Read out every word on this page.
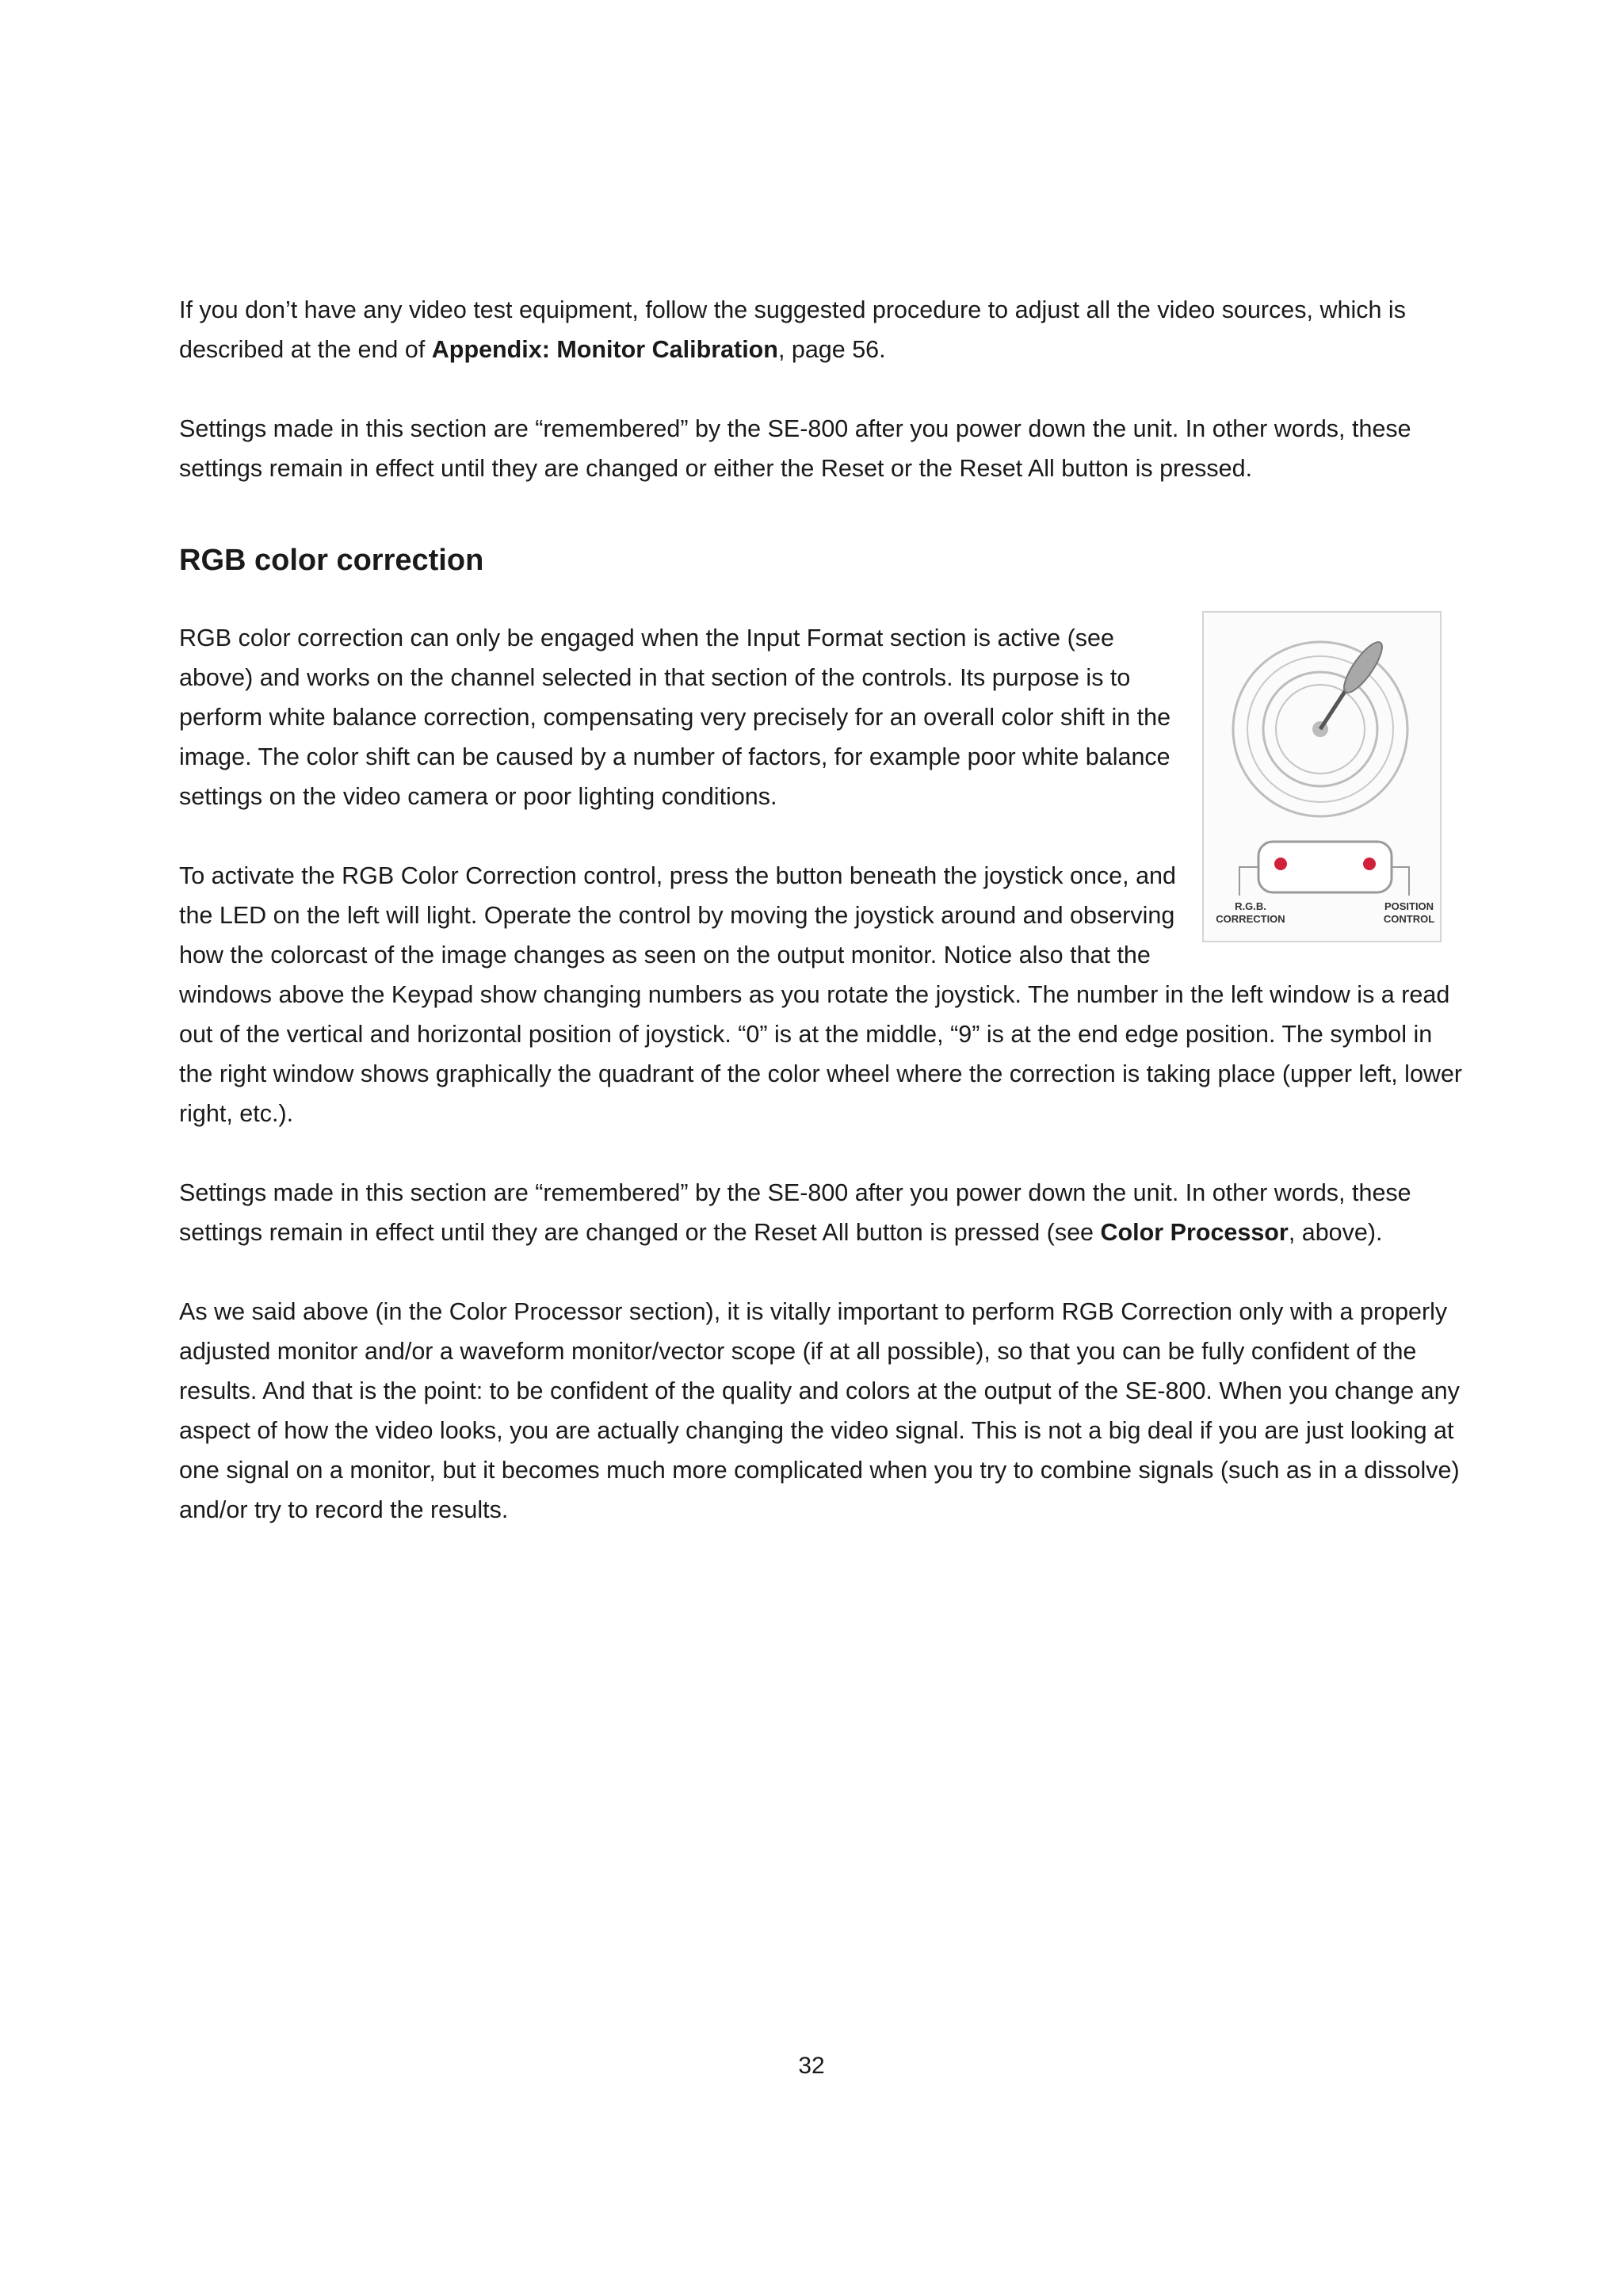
If you don’t have any video test equipment, follow the suggested procedure to adjust all the video sources, which is described at the end of Appendix: Monitor Calibration, page 56.

Settings made in this section are “remembered” by the SE-800 after you power down the unit. In other words, these settings remain in effect until they are changed or either the Reset or the Reset All button is pressed.

RGB color correction

RGB color correction can only be engaged when the Input Format section is active (see above) and works on the channel selected in that section of the controls. Its purpose is to perform white balance correction, compensating very precisely for an overall color shift in the image. The color shift can be caused by a number of factors, for example poor white balance settings on the video camera or poor lighting conditions.

To activate the RGB Color Correction control, press the button beneath the joystick once, and the LED on the left will light. Operate the control by moving the joystick around and observing how the colorcast of the image changes as seen on the output monitor. Notice also that the windows above the Keypad show changing numbers as you rotate the joystick. The number in the left window is a read out of the vertical and horizontal position of joystick. “0” is at the middle, “9” is at the end edge position. The symbol in the right window shows graphically the quadrant of the color wheel where the correction is taking place (upper left, lower right, etc.).

Settings made in this section are “remembered” by the SE-800 after you power down the unit. In other words, these settings remain in effect until they are changed or the Reset All button is pressed (see Color Processor, above).

As we said above (in the Color Processor section), it is vitally important to perform RGB Correction only with a properly adjusted monitor and/or a waveform monitor/vector scope (if at all possible), so that you can be fully confident of the results. And that is the point: to be confident of the quality and colors at the output of the SE-800. When you change any aspect of how the video looks, you are actually changing the video signal. This is not a big deal if you are just looking at one signal on a monitor, but it becomes much more complicated when you try to combine signals (such as in a dissolve) and/or try to record the results.

R.G.B.
CORRECTION
POSITION
CONTROL
32
